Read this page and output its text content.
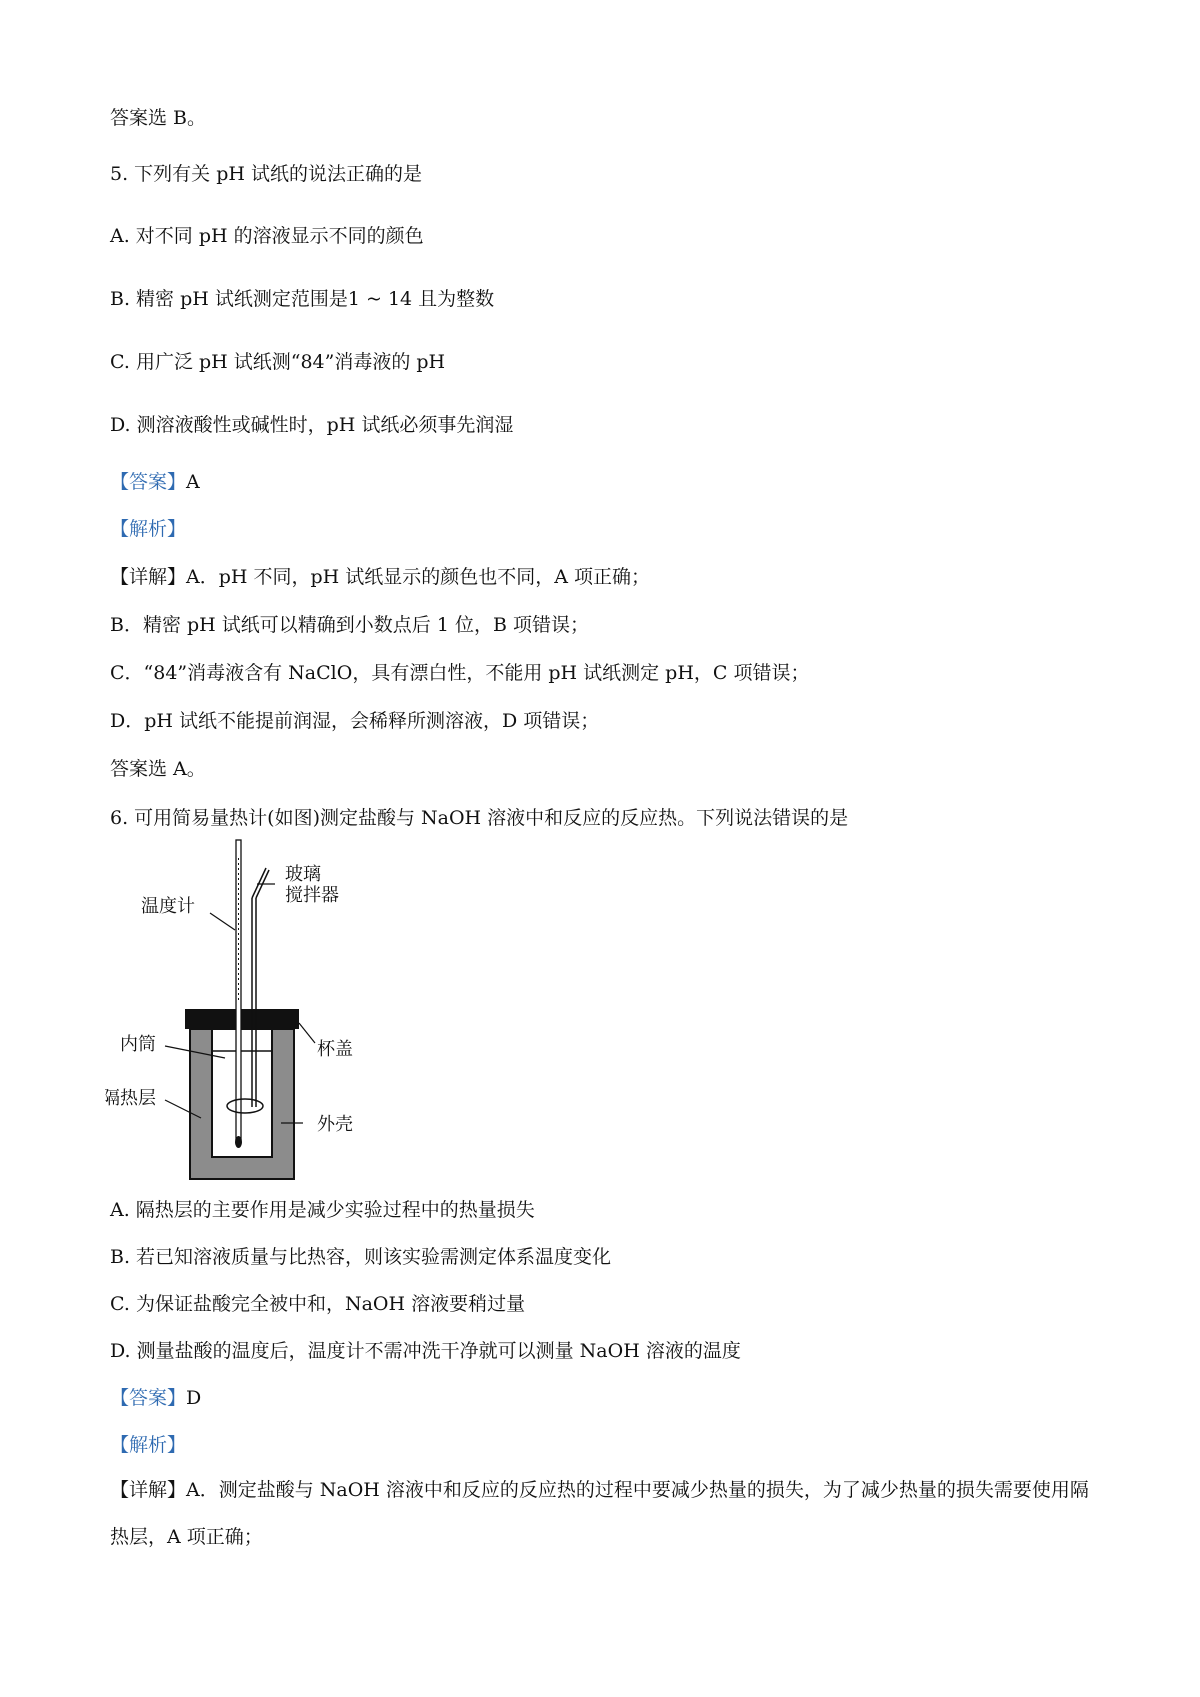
答案选 B。
5. 下列有关 pH 试纸的说法正确的是
A. 对不同 pH 的溶液显示不同的颜色
B. 精密 pH 试纸测定范围是1 ~ 14 且为整数
C. 用广泛 pH 试纸测“84”消毒液的 pH
D. 测溶液酸性或碱性时，pH 试纸必须事先润湿
【答案】A
【解析】
【详解】A．pH 不同，pH 试纸显示的颜色也不同，A 项正确；
B．精密 pH 试纸可以精确到小数点后 1 位，B 项错误；
C．“84”消毒液含有 NaClO，具有漂白性，不能用 pH 试纸测定 pH，C 项错误；
D．pH 试纸不能提前润湿，会稀释所测溶液，D 项错误；
答案选 A。
6. 可用简易量热计(如图)测定盐酸与 NaOH 溶液中和反应的反应热。下列说法错误的是
玻璃
搅拌器
温度计
内筒	杯盖
隔热层
外壳
A. 隔热层的主要作用是减少实验过程中的热量损失
B. 若已知溶液质量与比热容，则该实验需测定体系温度变化
C. 为保证盐酸完全被中和，NaOH 溶液要稍过量
D. 测量盐酸的温度后，温度计不需冲洗干净就可以测量 NaOH 溶液的温度
【答案】D
【解析】
【详解】A．测定盐酸与 NaOH 溶液中和反应的反应热的过程中要减少热量的损失，为了减少热量的损失需要使用隔热层，A 项正确；
